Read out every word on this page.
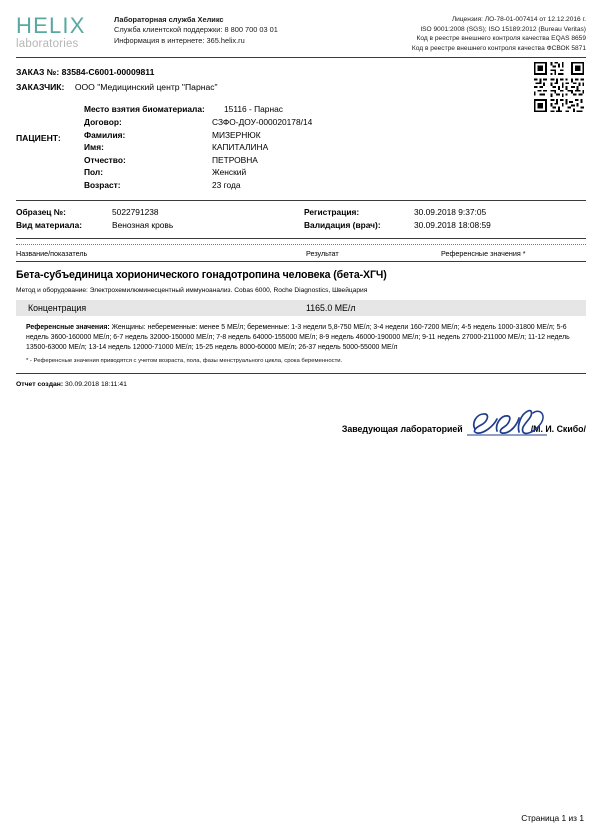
HELIX
laboratories
Лабораторная служба Хеликс
Служба клиентской поддержки: 8 800 700 03 01
Информация в интернете: 365.helix.ru
Лицензия: ЛО-78-01-007414 от 12.12.2016 г.
ISO 9001:2008 (SGS); ISO 15189:2012 (Bureau Veritas)
Код в реестре внешнего контроля качества EQAS 8659
Код в реестре внешнего контроля качества ФСВОК 5871
ЗАКАЗ №: 83584-C6001-00009811
ЗАКАЗЧИК: ООО "Медицинский центр "Парнас"
ПАЦИЕНТ:
Место взятия биоматериала:	15116 - Парнас
Договор:	СЗФО-ДОУ-000020178/14
Фамилия:	МИЗЕРНЮК
Имя:	КАПИТАЛИНА
Отчество:	ПЕТРОВНА
Пол:	Женский
Возраст:	23 года
Образец №:	5022791238
Вид материала:	Венозная кровь
Регистрация:	30.09.2018 9:37:05
Валидация (врач):	30.09.2018 18:08:59
Название/показатель	Результат	Референсные значения *
Бета-субъединица хорионического гонадотропина человека (бета-ХГЧ)
Метод и оборудование: Электрохемилюминесцентный иммуноанализ. Cobas 6000, Roche Diagnostics, Швейцария
Концентрация	1165.0 МЕ/л
Референсные значения: Женщины: небеременные: менее 5 МЕ/л; беременные: 1-3 недели 5,8-750 МЕ/л; 3-4 недели 160-7200 МЕ/л; 4-5 недель 1000-31800 МЕ/л; 5-6 недель 3600-160000 МЕ/л; 6-7 недель 32000-150000 МЕ/л; 7-8 недель 64000-155000 МЕ/л; 8-9 недель 46000-190000 МЕ/л; 9-11 недель 27000-211000 МЕ/л; 11-12 недель 13500-63000 МЕ/л; 13-14 недель 12000-71000 МЕ/л; 15-25 недель 8000-60000 МЕ/л; 26-37 недель 5000-55000 МЕ/л
* - Референсные значения приводятся с учетом возраста, пола, фазы менструального цикла, срока беременности.
Отчет создан: 30.09.2018 18:11:41
Заведующая лабораторией	/М. И. Скибо/
Страница 1 из 1
